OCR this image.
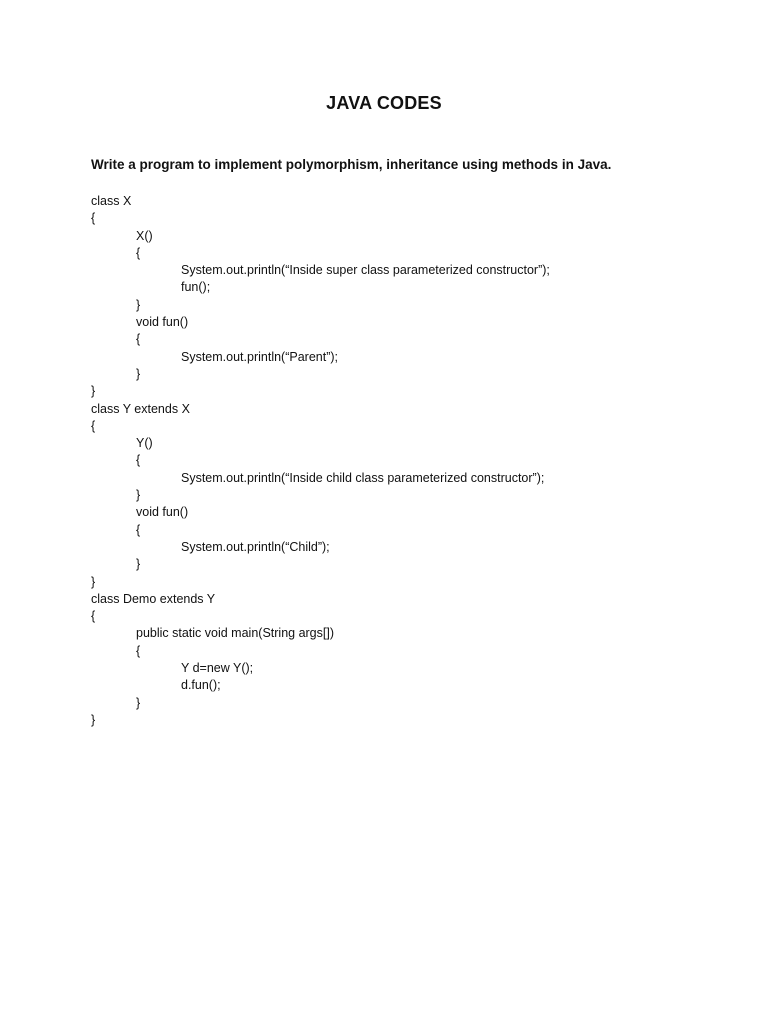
JAVA CODES
Write a program to implement polymorphism, inheritance using methods in Java.
class X
{
X()
{
System.out.println(“Inside super class parameterized constructor”);
fun();
}
void fun()
{
System.out.println(“Parent”);
}
}
class Y extends X
{
Y()
{
System.out.println(“Inside child class parameterized constructor”);
}
void fun()
{
System.out.println(“Child”);
}
}
class Demo extends Y
{
public static void main(String args[])
{
Y d=new Y();
d.fun();
}
}
